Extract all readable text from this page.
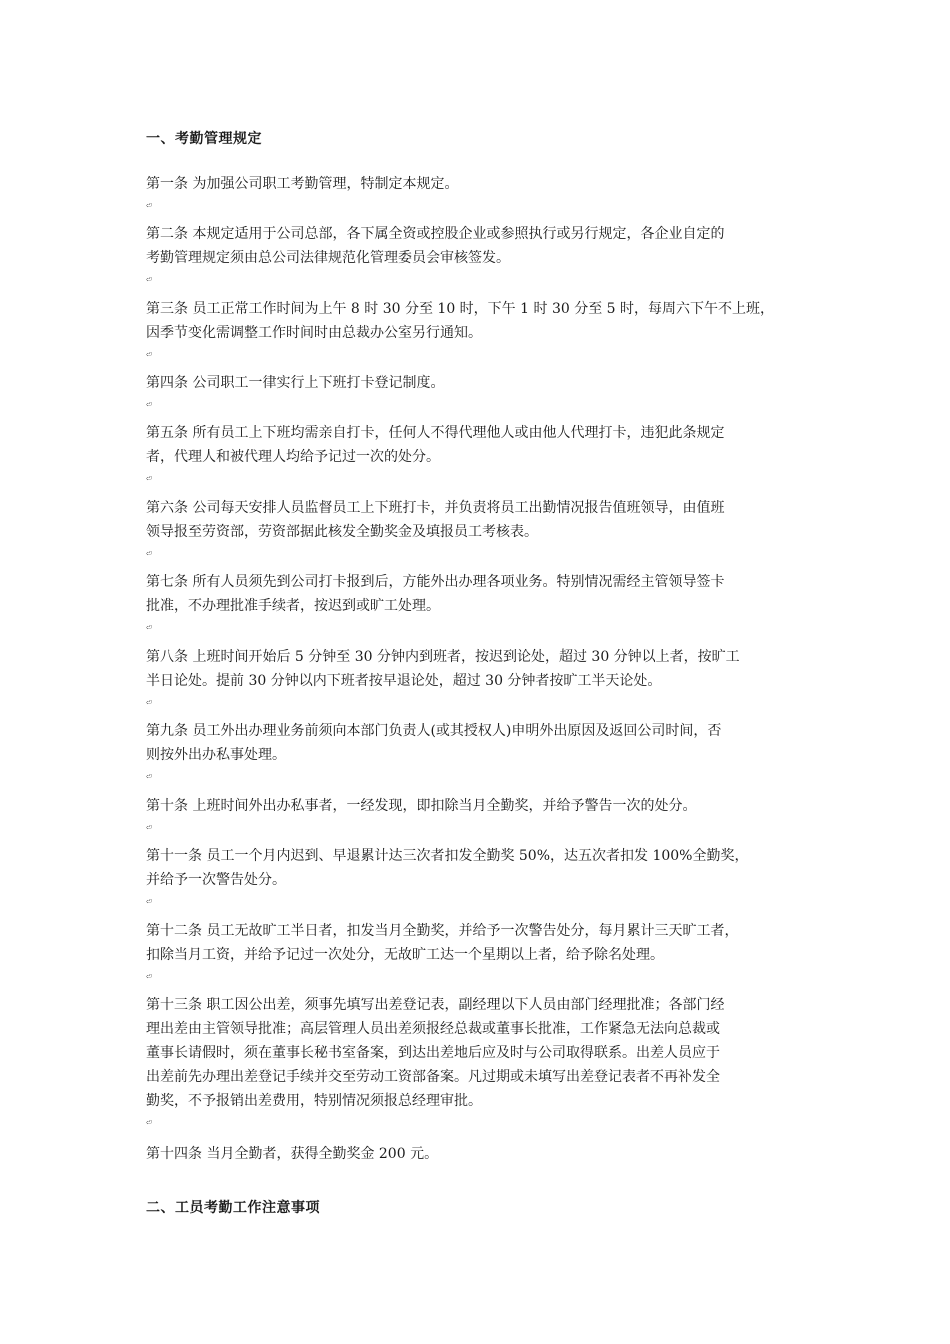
一、考勤管理规定
第一条 为加强公司职工考勤管理，特制定本规定。
⏎
第二条 本规定适用于公司总部，各下属全资或控股企业或参照执行或另行规定，各企业自定的
考勤管理规定须由总公司法律规范化管理委员会审核签发。
⏎
第三条 员工正常工作时间为上午 8 时 30 分至 10 时，下午 1 时 30 分至 5 时，每周六下午不上班，
因季节变化需调整工作时间时由总裁办公室另行通知。
⏎
第四条 公司职工一律实行上下班打卡登记制度。
⏎
第五条 所有员工上下班均需亲自打卡，任何人不得代理他人或由他人代理打卡，违犯此条规定
者，代理人和被代理人均给予记过一次的处分。
⏎
第六条 公司每天安排人员监督员工上下班打卡，并负责将员工出勤情况报告值班领导，由值班
领导报至劳资部，劳资部据此核发全勤奖金及填报员工考核表。
⏎
第七条 所有人员须先到公司打卡报到后，方能外出办理各项业务。特别情况需经主管领导签卡
批准，不办理批准手续者，按迟到或旷工处理。
⏎
第八条 上班时间开始后 5 分钟至 30 分钟内到班者，按迟到论处，超过 30 分钟以上者，按旷工
半日论处。提前 30 分钟以内下班者按早退论处，超过 30 分钟者按旷工半天论处。
⏎
第九条 员工外出办理业务前须向本部门负责人(或其授权人)申明外出原因及返回公司时间，否
则按外出办私事处理。
⏎
第十条 上班时间外出办私事者，一经发现，即扣除当月全勤奖，并给予警告一次的处分。
⏎
第十一条 员工一个月内迟到、早退累计达三次者扣发全勤奖 50%，达五次者扣发 100%全勤奖，
并给予一次警告处分。
⏎
第十二条 员工无故旷工半日者，扣发当月全勤奖，并给予一次警告处分，每月累计三天旷工者，
扣除当月工资，并给予记过一次处分，无故旷工达一个星期以上者，给予除名处理。
⏎
第十三条 职工因公出差，须事先填写出差登记表，副经理以下人员由部门经理批准；各部门经
理出差由主管领导批准；高层管理人员出差须报经总裁或董事长批准，工作紧急无法向总裁或
董事长请假时，须在董事长秘书室备案，到达出差地后应及时与公司取得联系。出差人员应于
出差前先办理出差登记手续并交至劳动工资部备案。凡过期或未填写出差登记表者不再补发全
勤奖，不予报销出差费用，特别情况须报总经理审批。
⏎
第十四条 当月全勤者，获得全勤奖金 200 元。
二、工员考勤工作注意事项
